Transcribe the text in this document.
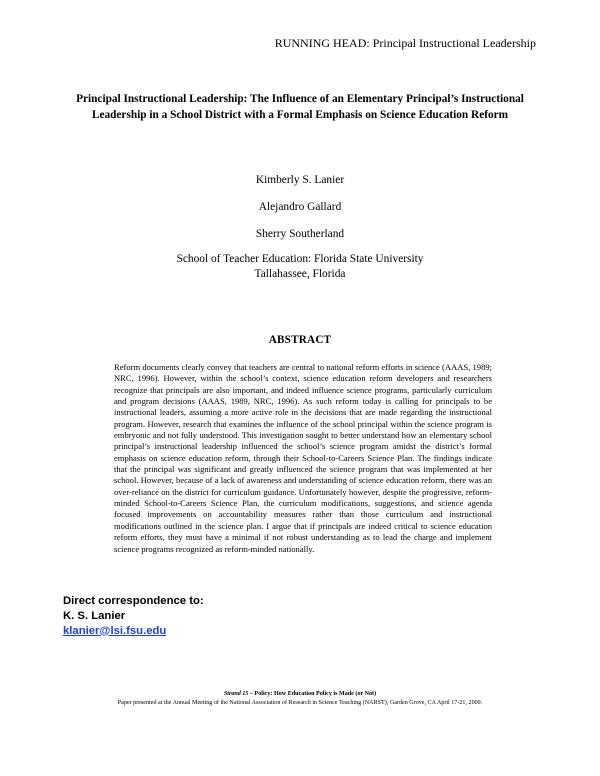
RUNNING HEAD: Principal Instructional Leadership
Principal Instructional Leadership: The Influence of an Elementary Principal’s Instructional
Leadership in a School District with a Formal Emphasis on Science Education Reform
Kimberly S. Lanier
Alejandro Gallard
Sherry Southerland
School of Teacher Education: Florida State University
Tallahassee, Florida
ABSTRACT
Reform documents clearly convey that teachers are central to national reform efforts in science (AAAS, 1989; NRC, 1996). However, within the school’s context, science education reform developers and researchers recognize that principals are also important, and indeed influence science programs, particularly curriculum and program decisions (AAAS, 1989, NRC, 1996). As such reform today is calling for principals to be instructional leaders, assuming a more active role in the decisions that are made regarding the instructional program. However, research that examines the influence of the school principal within the science program is embryonic and not fully understood. This investigation sought to better understand how an elementary school principal’s instructional leadership influenced the school’s science program amidst the district’s formal emphasis on science education reform, through their School-to-Careers Science Plan. The findings indicate that the principal was significant and greatly influenced the science program that was implemented at her school. However, because of a lack of awareness and understanding of science education reform, there was an over-reliance on the district for curriculum guidance. Unfortunately however, despite the progressive, reform-minded School-to-Careers Science Plan, the curriculum modifications, suggestions, and science agenda focused improvements on accountability measures rather than those curriculum and instructional modifications outlined in the science plan. I argue that if principals are indeed critical to science education reform efforts, they must have a minimal if not robust understanding as to lead the charge and implement science programs recognized as reform-minded nationally.
Direct correspondence to:
K. S. Lanier
klanier@lsi.fsu.edu
Strand 15 – Policy: How Education Policy is Made (or Not)
Paper presented at the Annual Meeting of the National Association of Research in Science Teaching (NARST), Garden Grove, CA April 17-21, 2009.
